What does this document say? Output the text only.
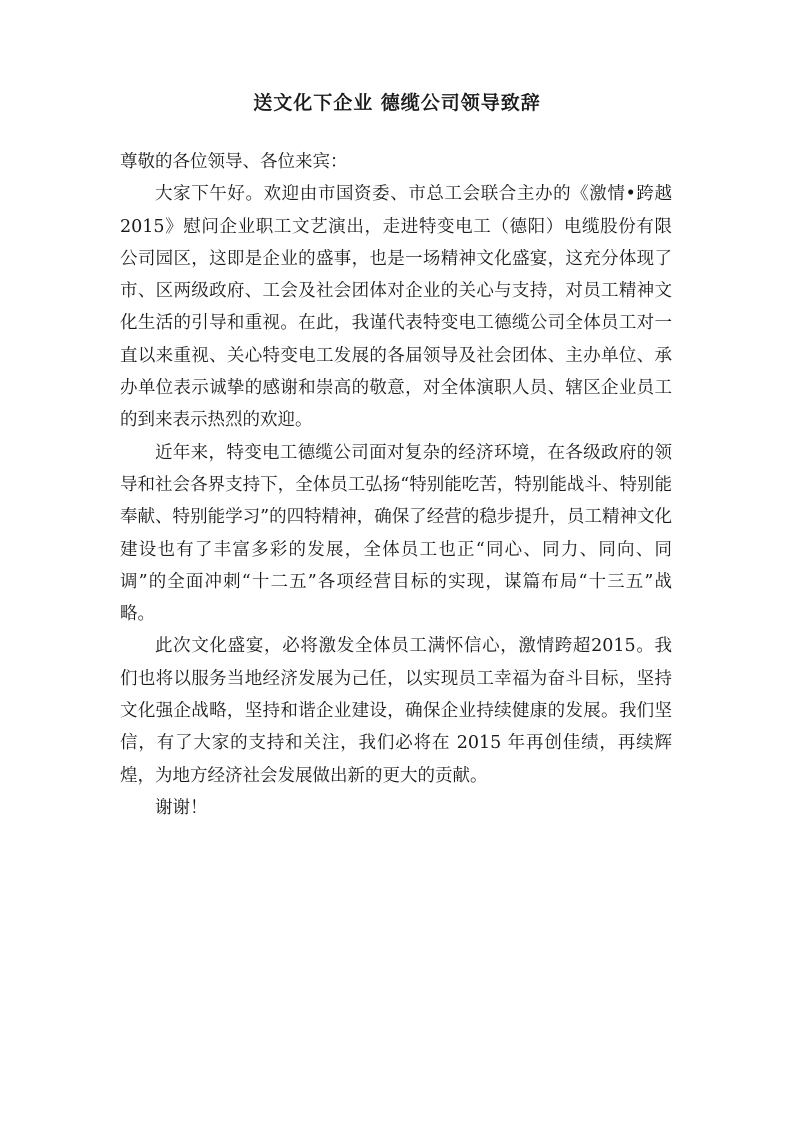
送文化下企业 德缆公司领导致辞

尊敬的各位领导、各位来宾：

大家下午好。欢迎由市国资委、市总工会联合主办的《激情•跨越 2015》慰问企业职工文艺演出，走进特变电工（德阳）电缆股份有限公司园区，这即是企业的盛事，也是一场精神文化盛宴，这充分体现了市、区两级政府、工会及社会团体对企业的关心与支持，对员工精神文化生活的引导和重视。在此，我谨代表特变电工德缆公司全体员工对一直以来重视、关心特变电工发展的各届领导及社会团体、主办单位、承办单位表示诚挚的感谢和崇高的敬意，对全体演职人员、辖区企业员工的到来表示热烈的欢迎。

近年来，特变电工德缆公司面对复杂的经济环境，在各级政府的领导和社会各界支持下，全体员工弘扬“特别能吃苦，特别能战斗、特别能奉献、特别能学习”的四特精神，确保了经营的稳步提升，员工精神文化建设也有了丰富多彩的发展，全体员工也正“同心、同力、同向、同调”的全面冲刺“十二五”各项经营目标的实现，谋篇布局“十三五”战略。

此次文化盛宴，必将激发全体员工满怀信心，激情跨超2015。我们也将以服务当地经济发展为己任，以实现员工幸福为奋斗目标，坚持文化强企战略，坚持和谐企业建设，确保企业持续健康的发展。我们坚信，有了大家的支持和关注，我们必将在 2015 年再创佳绩，再续辉煌，为地方经济社会发展做出新的更大的贡献。

谢谢！
